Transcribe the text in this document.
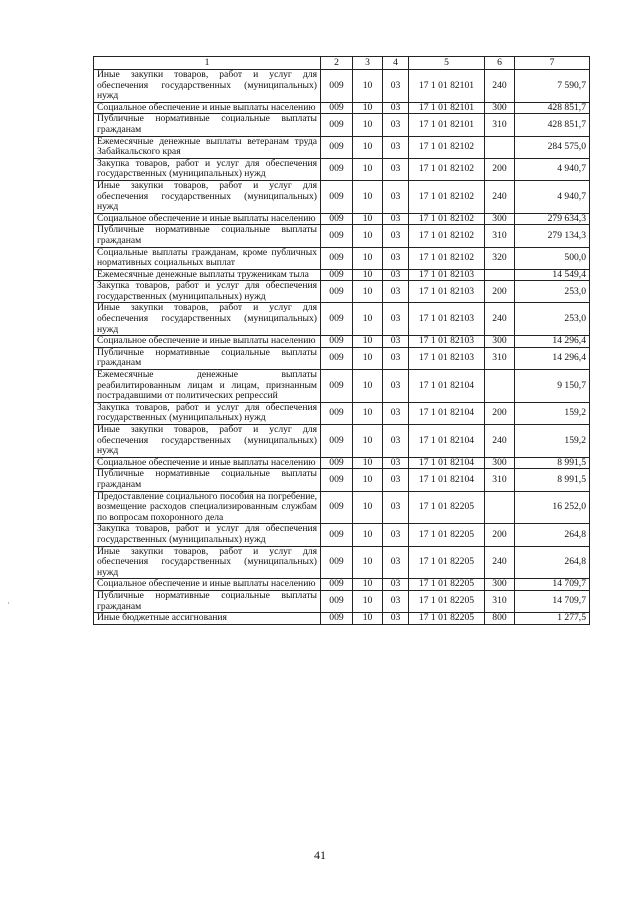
·
1	2	3	4	5	6	7
Иные закупки товаров, работ и услуг для обеспечения государственных (муниципальных) нужд	009	10	03	17 1 01 82101	240	7 590,7
Социальное обеспечение и иные выплаты населению	009	10	03	17 1 01 82101	300	428 851,7
Публичные нормативные социальные выплаты гражданам	009	10	03	17 1 01 82101	310	428 851,7
Ежемесячные денежные выплаты ветеранам труда Забайкальского края	009	10	03	17 1 01 82102		284 575,0
Закупка товаров, работ и услуг для обеспечения государственных (муниципальных) нужд	009	10	03	17 1 01 82102	200	4 940,7
Иные закупки товаров, работ и услуг для обеспечения государственных (муниципальных) нужд	009	10	03	17 1 01 82102	240	4 940,7
Социальное обеспечение и иные выплаты населению	009	10	03	17 1 01 82102	300	279 634,3
Публичные нормативные социальные выплаты гражданам	009	10	03	17 1 01 82102	310	279 134,3
Социальные выплаты гражданам, кроме публичных нормативных социальных выплат	009	10	03	17 1 01 82102	320	500,0
Ежемесячные денежные выплаты труженикам тыла	009	10	03	17 1 01 82103		14 549,4
Закупка товаров, работ и услуг для обеспечения государственных (муниципальных) нужд	009	10	03	17 1 01 82103	200	253,0
Иные закупки товаров, работ и услуг для обеспечения государственных (муниципальных) нужд	009	10	03	17 1 01 82103	240	253,0
Социальное обеспечение и иные выплаты населению	009	10	03	17 1 01 82103	300	14 296,4
Публичные нормативные социальные выплаты гражданам	009	10	03	17 1 01 82103	310	14 296,4
Ежемесячные денежные выплаты реабилитированным лицам и лицам, признанным пострадавшими от политических репрессий	009	10	03	17 1 01 82104		9 150,7
Закупка товаров, работ и услуг для обеспечения государственных (муниципальных) нужд	009	10	03	17 1 01 82104	200	159,2
Иные закупки товаров, работ и услуг для обеспечения государственных (муниципальных) нужд	009	10	03	17 1 01 82104	240	159,2
Социальное обеспечение и иные выплаты населению	009	10	03	17 1 01 82104	300	8 991,5
Публичные нормативные социальные выплаты гражданам	009	10	03	17 1 01 82104	310	8 991,5
Предоставление социального пособия на погребение, возмещение расходов специализированным службам по вопросам похоронного дела	009	10	03	17 1 01 82205		16 252,0
Закупка товаров, работ и услуг для обеспечения государственных (муниципальных) нужд	009	10	03	17 1 01 82205	200	264,8
Иные закупки товаров, работ и услуг для обеспечения государственных (муниципальных) нужд	009	10	03	17 1 01 82205	240	264,8
Социальное обеспечение и иные выплаты населению	009	10	03	17 1 01 82205	300	14 709,7
Публичные нормативные социальные выплаты гражданам	009	10	03	17 1 01 82205	310	14 709,7
Иные бюджетные ассигнования	009	10	03	17 1 01 82205	800	1 277,5
41
